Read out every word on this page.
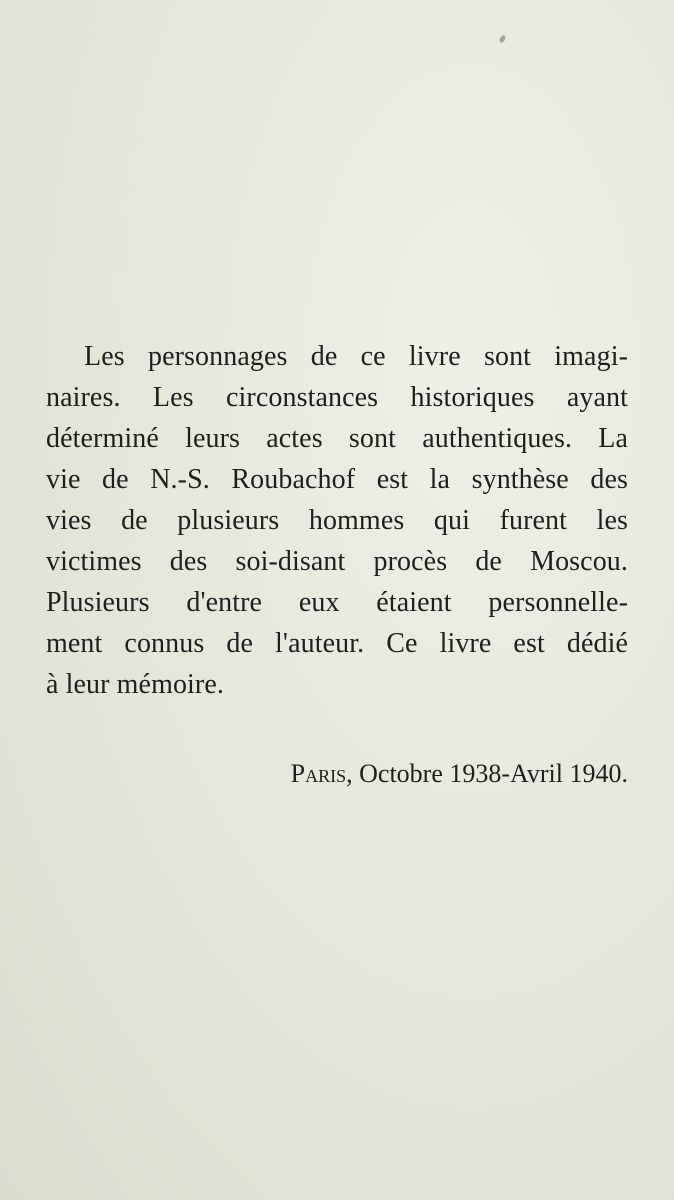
Les personnages de ce livre sont imagi-
naires. Les circonstances historiques ayant
déterminé leurs actes sont authentiques. La
vie de N.-S. Roubachof est la synthèse des
vies de plusieurs hommes qui furent les
victimes des soi-disant procès de Moscou.
Plusieurs d'entre eux étaient personnelle-
ment connus de l'auteur. Ce livre est dédié
à leur mémoire.
Paris, Octobre 1938-Avril 1940.
